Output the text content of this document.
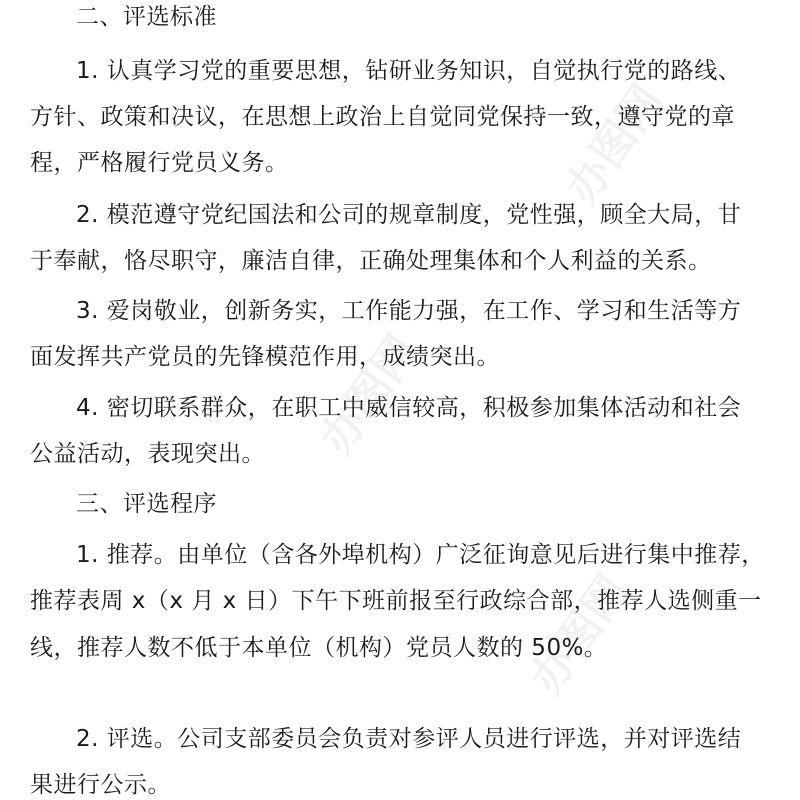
办图网
办图网
办图网
二、评选标准
1. 认真学习党的重要思想，钻研业务知识，自觉执行党的路线、
方针、政策和决议，在思想上政治上自觉同党保持一致，遵守党的章
程，严格履行党员义务。
2. 模范遵守党纪国法和公司的规章制度，党性强，顾全大局，甘
于奉献，恪尽职守，廉洁自律，正确处理集体和个人利益的关系。
3. 爱岗敬业，创新务实，工作能力强，在工作、学习和生活等方
面发挥共产党员的先锋模范作用，成绩突出。
4. 密切联系群众，在职工中威信较高，积极参加集体活动和社会
公益活动，表现突出。
三、评选程序
1. 推荐。由单位（含各外埠机构）广泛征询意见后进行集中推荐，
推荐表周 x（x 月 x 日）下午下班前报至行政综合部，推荐人选侧重一
线，推荐人数不低于本单位（机构）党员人数的 50%。
2. 评选。公司支部委员会负责对参评人员进行评选，并对评选结
果进行公示。
